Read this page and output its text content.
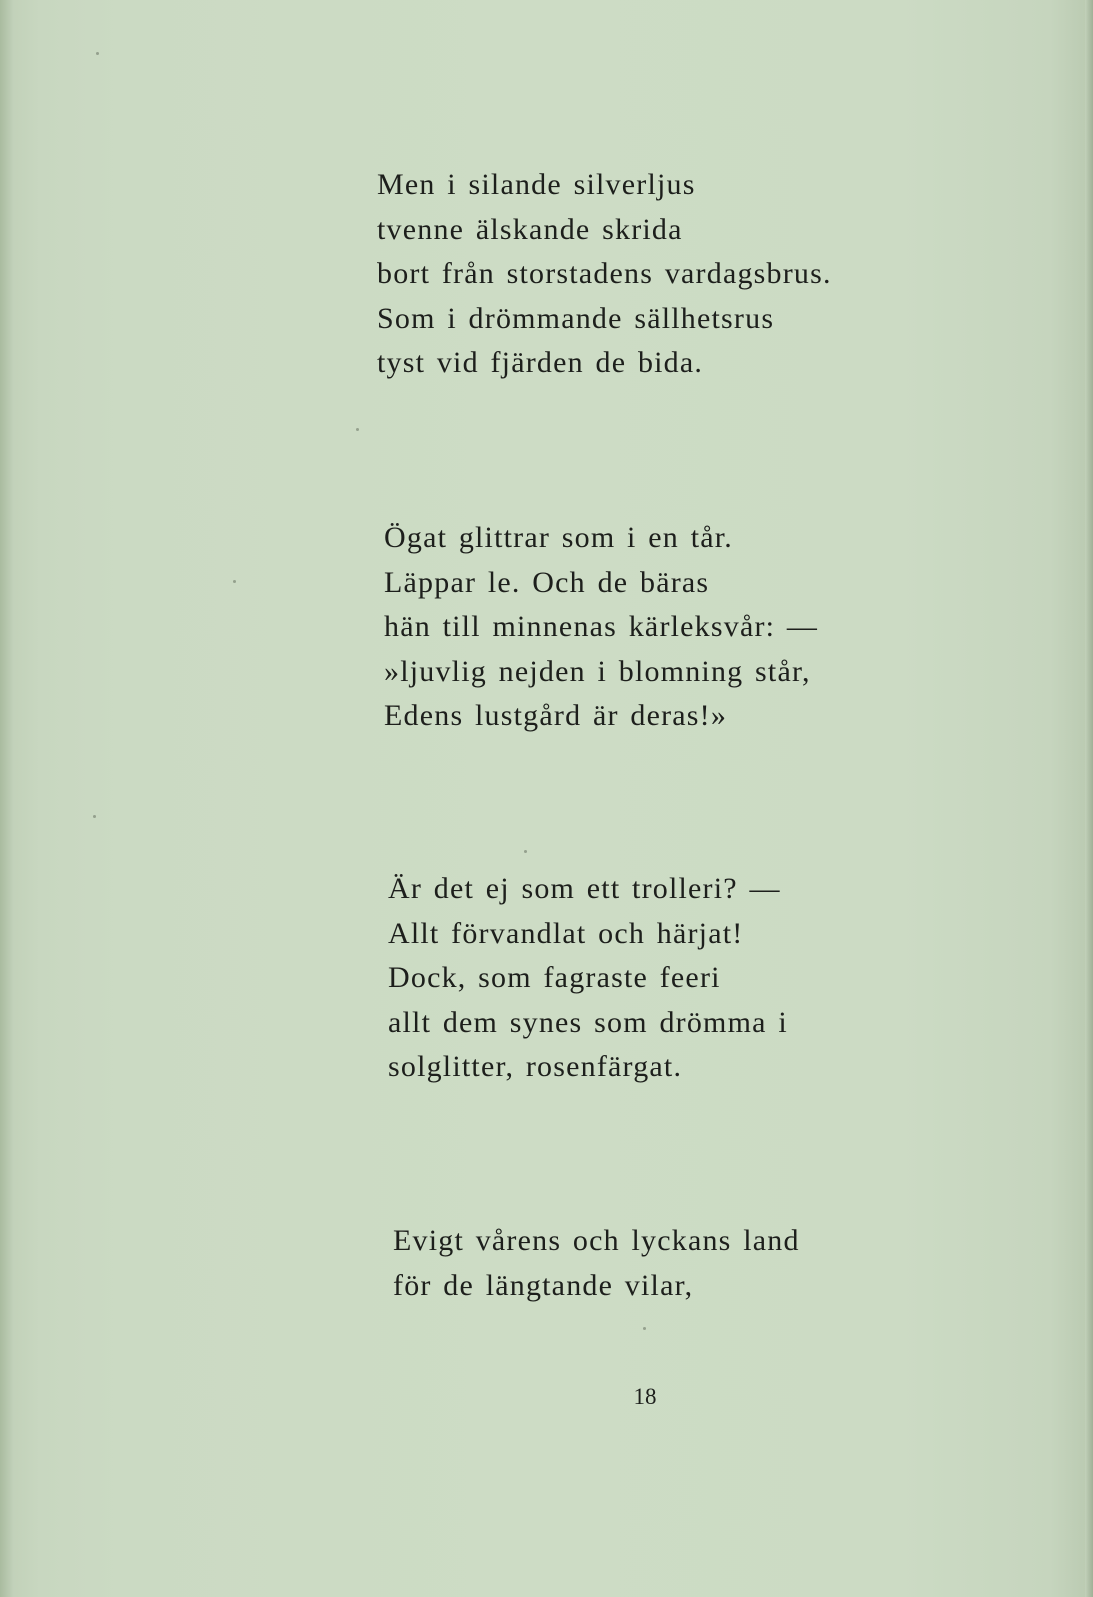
Men i silande silverljus
tvenne älskande skrida
bort från storstadens vardagsbrus.
Som i drömmande sällhetsrus
tyst vid fjärden de bida.
Ögat glittrar som i en tår.
Läppar le. Och de bäras
hän till minnenas kärleksvår: —
»ljuvlig nejden i blomning står,
Edens lustgård är deras!»
Är det ej som ett trolleri? —
Allt förvandlat och härjat!
Dock, som fagraste feeri
allt dem synes som drömma i
solglitter, rosenfärgat.
Evigt vårens och lyckans land
för de längtande vilar,
18
